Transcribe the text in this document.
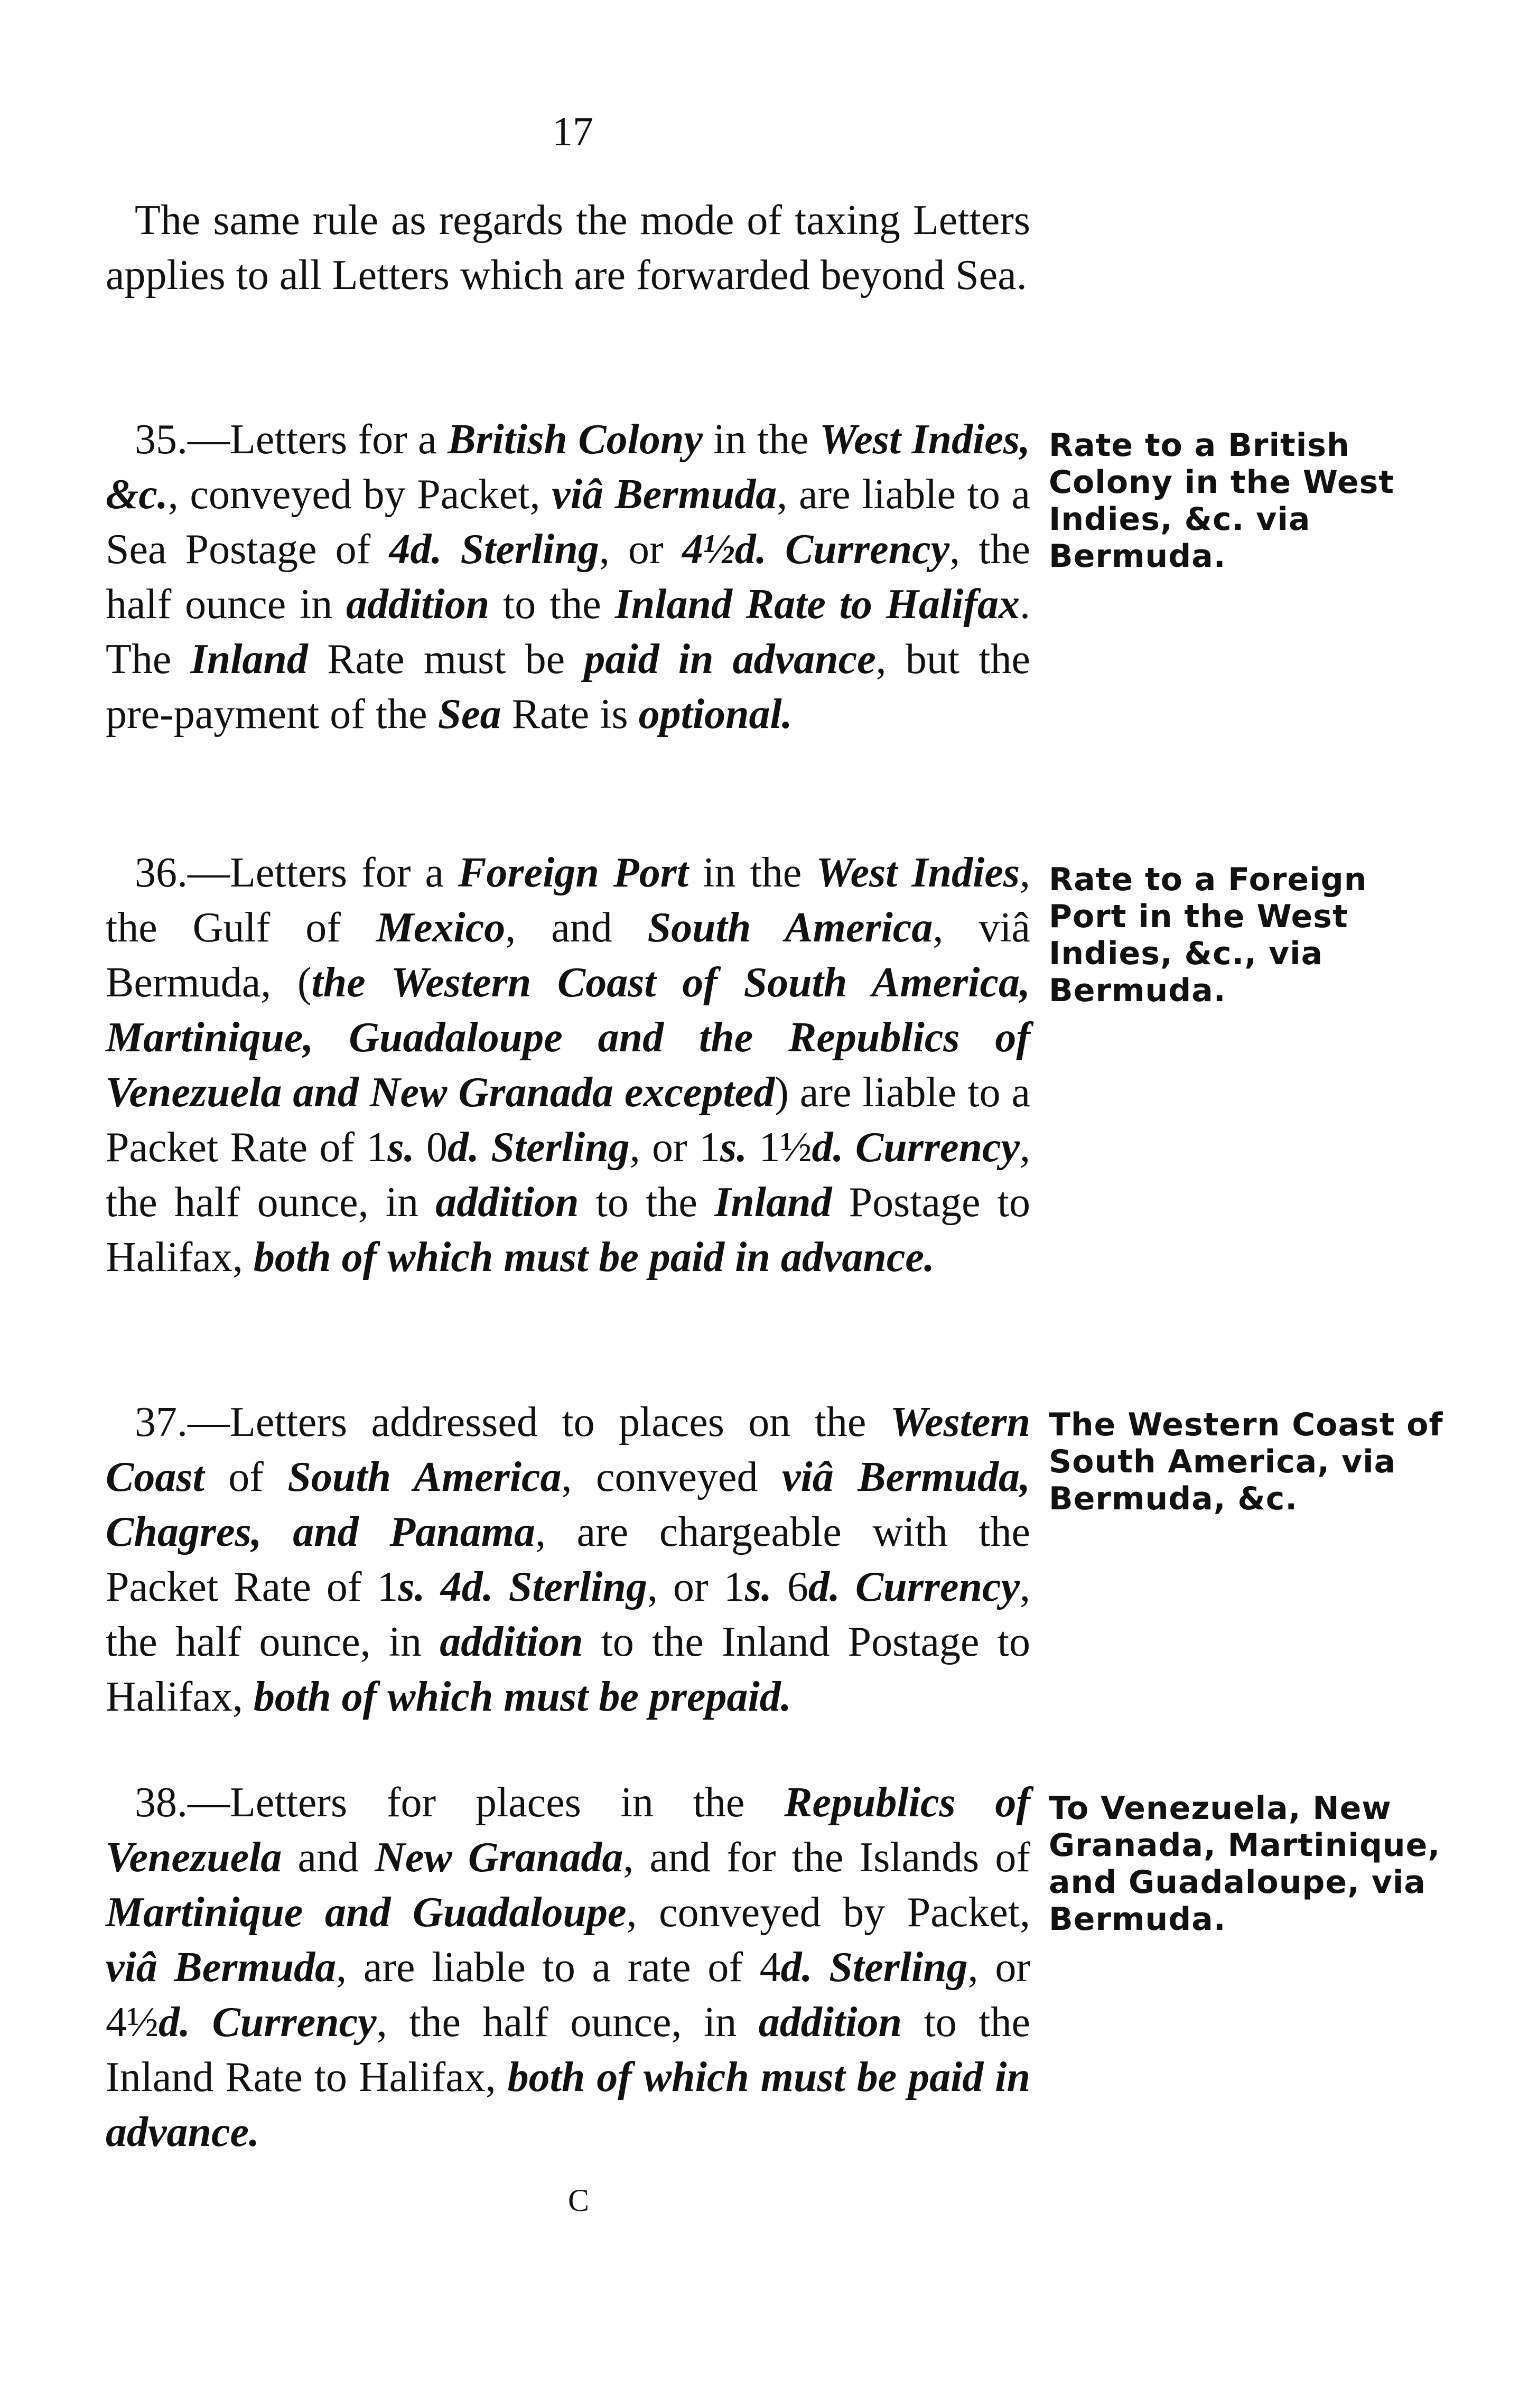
17
The same rule as regards the mode of taxing Letters applies to all Letters which are forwarded beyond Sea.
35.—Letters for a British Colony in the West Indies, &c., conveyed by Packet, viâ Bermuda, are liable to a Sea Postage of 4d. Sterling, or 4½d. Currency, the half ounce in addition to the Inland Rate to Halifax. The Inland Rate must be paid in advance, but the pre-payment of the Sea Rate is optional.
Rate to a British Colony in the West Indies, &c. via Bermuda.
36.—Letters for a Foreign Port in the West Indies, the Gulf of Mexico, and South America, viâ Bermuda, (the Western Coast of South America, Martinique, Guadaloupe and the Republics of Venezuela and New Granada excepted) are liable to a Packet Rate of 1s. 0d. Sterling, or 1s. 1½d. Currency, the half ounce, in addition to the Inland Postage to Halifax, both of which must be paid in advance.
Rate to a Foreign Port in the West Indies, &c., via Bermuda.
37.—Letters addressed to places on the Western Coast of South America, conveyed viâ Bermuda, Chagres, and Panama, are chargeable with the Packet Rate of 1s. 4d. Sterling, or 1s. 6d. Currency, the half ounce, in addition to the Inland Postage to Halifax, both of which must be prepaid.
The Western Coast of South America, via Bermuda, &c.
38.—Letters for places in the Republics of Venezuela and New Granada, and for the Islands of Martinique and Guadaloupe, conveyed by Packet, viâ Bermuda, are liable to a rate of 4d. Sterling, or 4½d. Currency, the half ounce, in addition to the Inland Rate to Halifax, both of which must be paid in advance.
To Venezuela, New Granada, Martinique, and Guadaloupe, via Bermuda.
C
